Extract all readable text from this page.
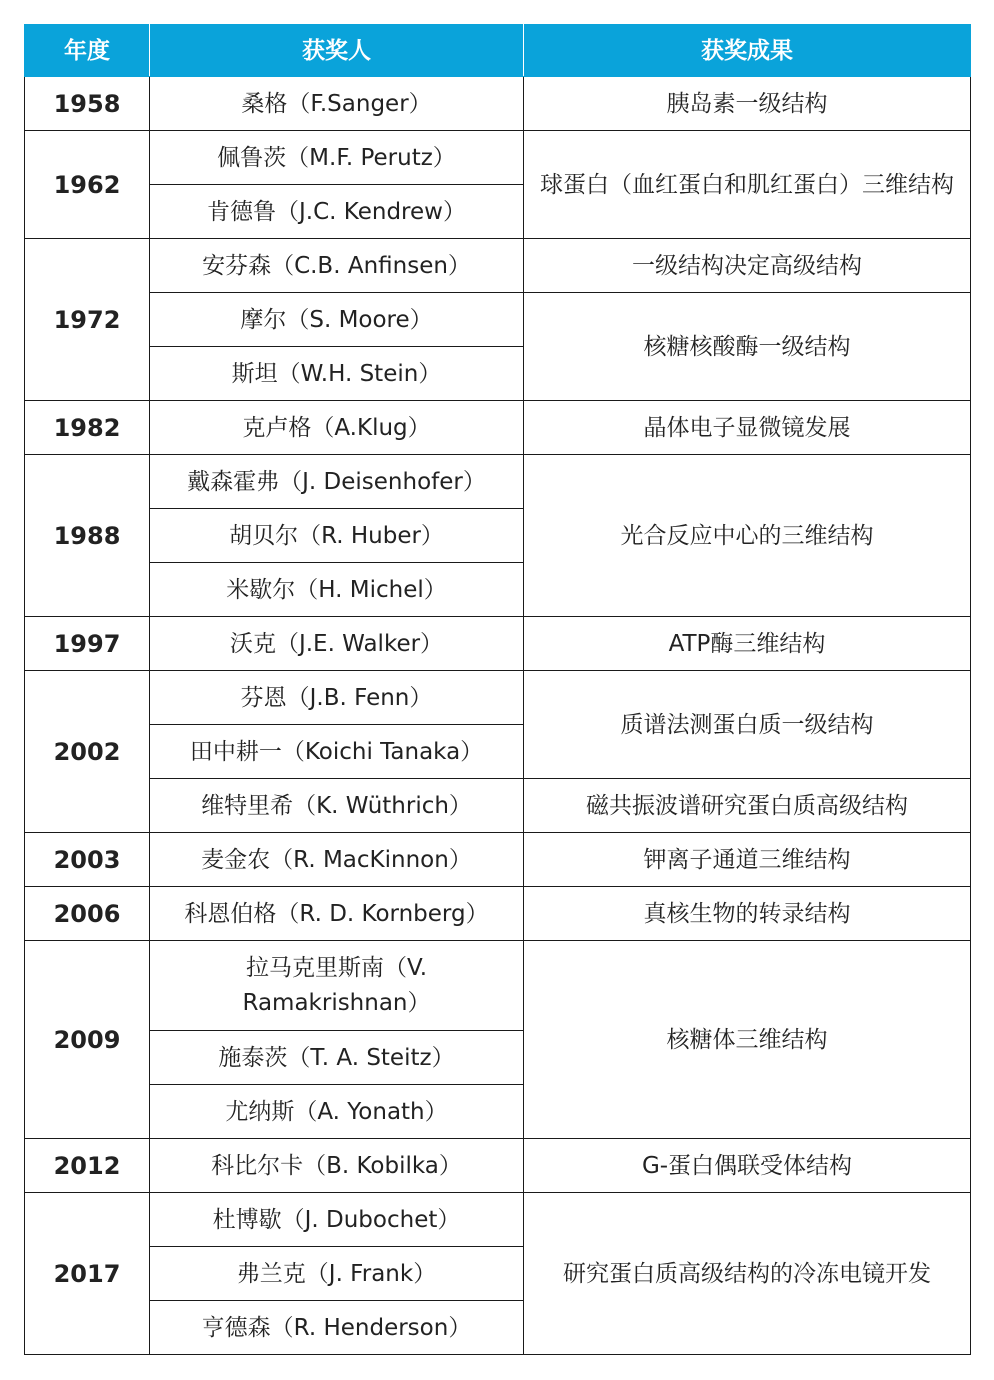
年度	获奖人	获奖成果
1958	桑格（F.Sanger）	胰岛素一级结构
1962	佩鲁茨（M.F. Perutz）	球蛋白（血红蛋白和肌红蛋白）三维结构
	肯德鲁（J.C. Kendrew）	
1972	安芬森（C.B. Anfinsen）	一级结构决定高级结构
	摩尔（S. Moore）	核糖核酸酶一级结构
	斯坦（W.H. Stein）	
1982	克卢格（A.Klug）	晶体电子显微镜发展
1988	戴森霍弗（J. Deisenhofer）	光合反应中心的三维结构
	胡贝尔（R. Huber）	
	米歇尔（H. Michel）	
1997	沃克（J.E. Walker）	ATP酶三维结构
2002	芬恩（J.B. Fenn）	质谱法测蛋白质一级结构
	田中耕一（Koichi Tanaka）	
	维特里希（K. Wüthrich）	磁共振波谱研究蛋白质高级结构
2003	麦金农（R. MacKinnon）	钾离子通道三维结构
2006	科恩伯格（R. D. Kornberg）	真核生物的转录结构
2009	拉马克里斯南（V. Ramakrishnan）	核糖体三维结构
	施泰茨（T. A. Steitz）	
	尤纳斯（A. Yonath）	
2012	科比尔卡（B. Kobilka）	G-蛋白偶联受体结构
2017	杜博歇（J. Dubochet）	研究蛋白质高级结构的冷冻电镜开发
	弗兰克（J. Frank）	
	亨德森（R. Henderson）	
